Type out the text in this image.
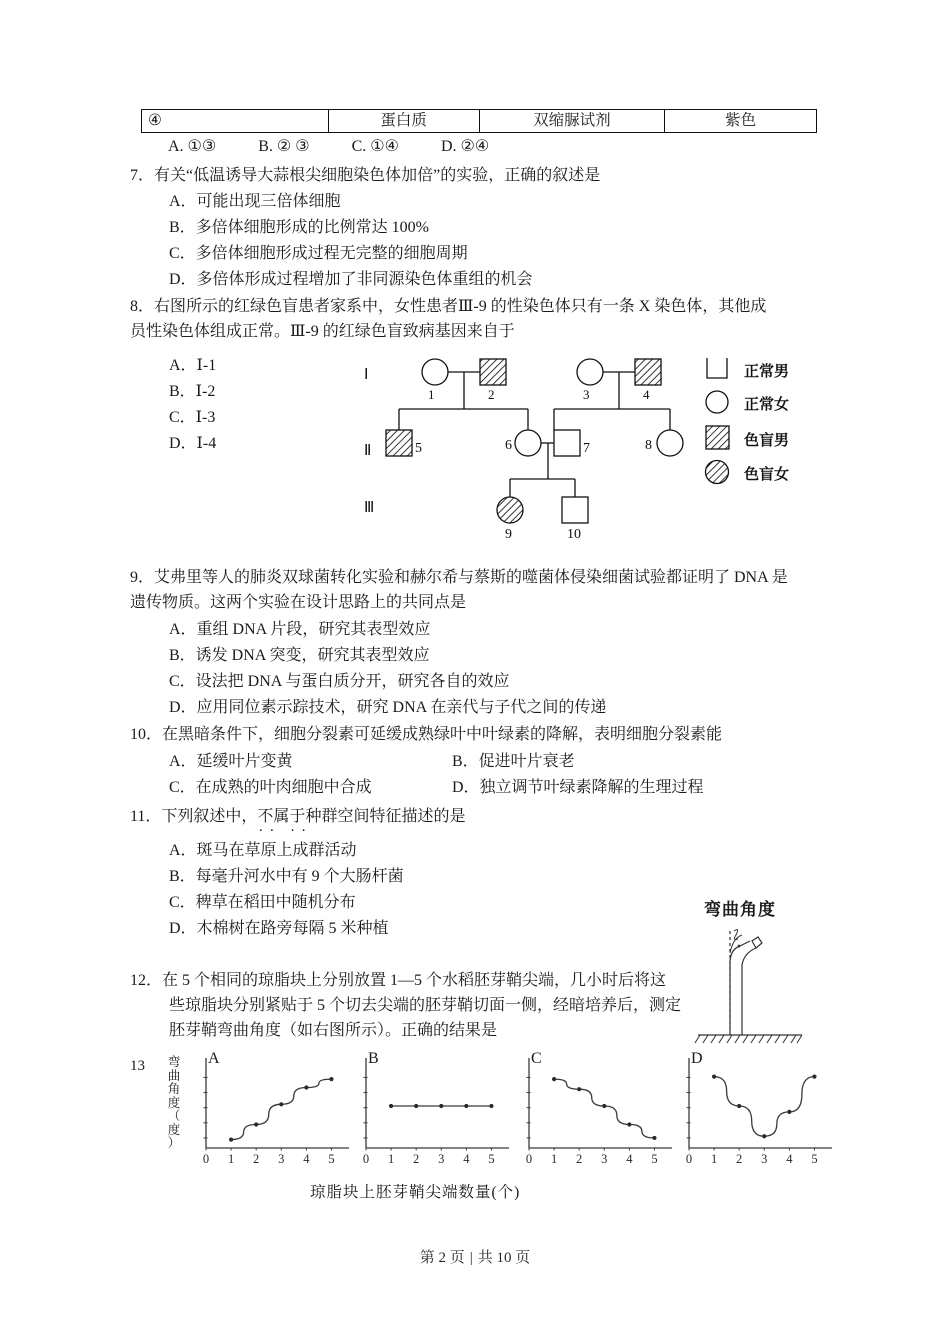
④	蛋白质	双缩脲试剂	紫色
A. ①③	B. ② ③	C. ①④	D. ②④
7．有关“低温诱导大蒜根尖细胞染色体加倍”的实验，正确的叙述是
A．可能出现三倍体细胞
B．多倍体细胞形成的比例常达 100%
C．多倍体细胞形成过程无完整的细胞周期
D．多倍体形成过程增加了非同源染色体重组的机会
8．右图所示的红绿色盲患者家系中，女性患者Ⅲ-9 的性染色体只有一条 X 染色体，其他成
员性染色体组成正常。Ⅲ-9 的红绿色盲致病基因来自于
A．Ⅰ-1
B．Ⅰ-2
C．Ⅰ-3
D．Ⅰ-4
Ⅰ
Ⅱ
Ⅲ
1	2	3	4
5	6	7	8
9	10
正常男
正常女
色盲男
色盲女
9．艾弗里等人的肺炎双球菌转化实验和赫尔希与蔡斯的噬菌体侵染细菌试验都证明了 DNA 是
遗传物质。这两个实验在设计思路上的共同点是
A．重组 DNA 片段，研究其表型效应
B．诱发 DNA 突变，研究其表型效应
C．设法把 DNA 与蛋白质分开，研究各自的效应
D．应用同位素示踪技术，研究 DNA 在亲代与子代之间的传递
10．在黑暗条件下，细胞分裂素可延缓成熟绿叶中叶绿素的降解，表明细胞分裂素能
A．延缓叶片变黄	B．促进叶片衰老
C．在成熟的叶肉细胞中合成	D．独立调节叶绿素降解的生理过程
11．下列叙述中，不属于 ·· ··种群空间特征描述的是
A．斑马在草原上成群活动
B．每毫升河水中有 9 个大肠杆菌
C．稗草在稻田中随机分布
D．木棉树在路旁每隔 5 米种植
12．在 5 个相同的琼脂块上分别放置 1—5 个水稻胚芽鞘尖端，几小时后将这
些琼脂块分别紧贴于 5 个切去尖端的胚芽鞘切面一侧，经暗培养后，测定
胚芽鞘弯曲角度（如右图所示）。正确的结果是
弯曲角度
13 弯
曲
角
度
（
度
）
A
0 1 2 3 4 5
B
0 1 2 3 4 5
C
0 1 2 3 4 5
D
0 1 2 3 4 5
琼脂块上胚芽鞘尖端数量(个)
第 2 页 | 共 10 页
